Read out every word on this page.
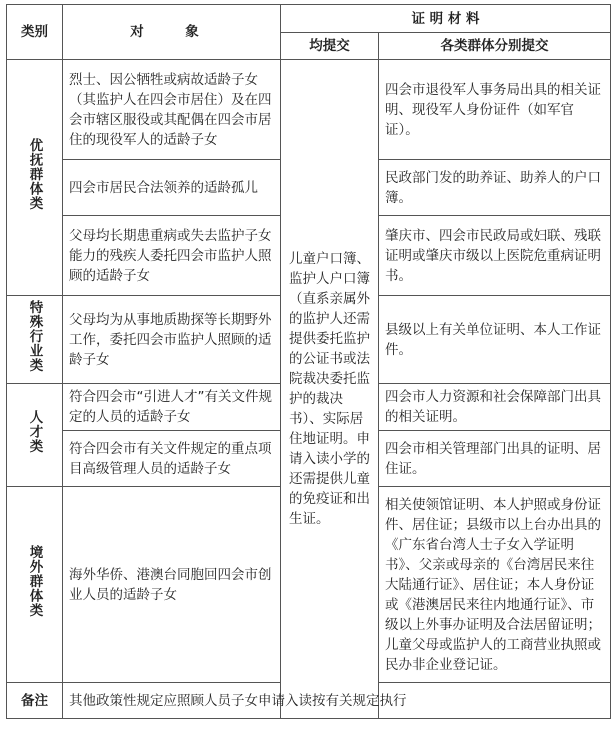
类别	对　象	证 明 材 料	
		均提交	各类群体分别提交
优抚群体类	烈士、因公牺牲或病故适龄子女（其监护人在四会市居住）及在四会市辖区服役或其配偶在四会市居住的现役军人的适龄子女	儿童户口簿、监护人户口簿（直系亲属外的监护人还需提供委托监护的公证书或法院裁决委托监护的裁决书）、实际居住地证明。申请入读小学的还需提供儿童的免疫证和出生证。	四会市退役军人事务局出具的相关证明、现役军人身份证件（如军官证）。
	四会市居民合法领养的适龄孤儿		民政部门发的助养证、助养人的户口簿。
	父母均长期患重病或失去监护子女能力的残疾人委托四会市监护人照顾的适龄子女		肇庆市、四会市民政局或妇联、残联证明或肇庆市级以上医院危重病证明书。
特殊行业类	父母均为从事地质勘探等长期野外工作，委托四会市监护人照顾的适龄子女		县级以上有关单位证明、本人工作证件。
人才类	符合四会市“引进人才”有关文件规定的人员的适龄子女		四会市人力资源和社会保障部门出具的相关证明。
	符合四会市有关文件规定的重点项目高级管理人员的适龄子女		四会市相关管理部门出具的证明、居住证。
境外群体类	海外华侨、港澳台同胞回四会市创业人员的适龄子女		相关使领馆证明、本人护照或身份证件、居住证；县级市以上台办出具的《广东省台湾人士子女入学证明书》、父亲或母亲的《台湾居民来往大陆通行证》、居住证；本人身份证或《港澳居民来往内地通行证》、市级以上外事办证明及合法居留证明；儿童父母或监护人的工商营业执照或民办非企业登记证。
备注	其他政策性规定应照顾人员子女申请入读按有关规定执行		
